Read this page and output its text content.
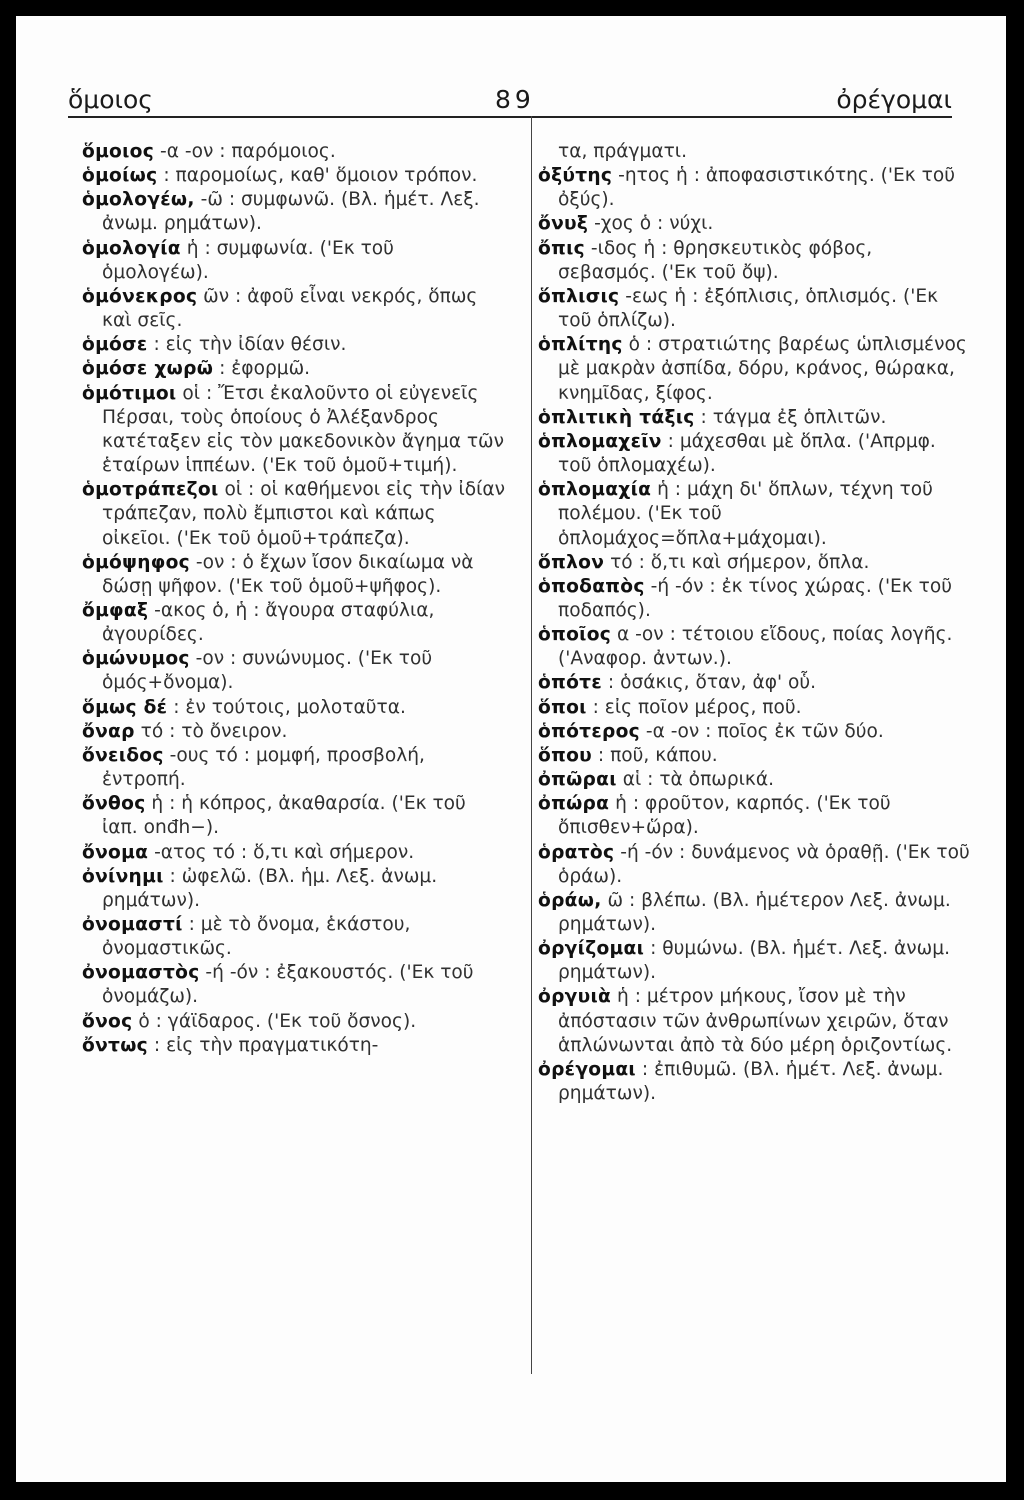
ὅμοιος	89	ὀρέγομαι
ὅμοιος -α -ον : παρόμοιος.
ὁμοίως : παρομοίως, καθ' ὅμοιον τρόπον.
ὁμολογέω, -ῶ : συμφωνῶ. (Βλ. ἡμέτ. Λεξ. ἀνωμ. ρημάτων).
ὁμολογία ἡ : συμφωνία. ('Εκ τοῦ ὁμολογέω).
ὁμόνεκρος ῶν : ἀφοῦ εἶναι νεκρός, ὅπως καὶ σεῖς.
ὁμόσε : εἰς τὴν ἰδίαν θέσιν.
ὁμόσε χωρῶ : ἐφορμῶ.
ὁμότιμοι οἱ : Ἔτσι ἐκαλοῦντο οἱ εὐγενεῖς Πέρσαι, τοὺς ὁποίους ὁ Ἀλέξανδρος κατέταξεν εἰς τὸν μακεδονικὸν ἄγημα τῶν ἑταίρων ἱππέων. ('Εκ τοῦ ὁμοῦ+τιμή).
ὁμοτράπεζοι οἱ : οἱ καθήμενοι εἰς τὴν ἰδίαν τράπεζαν, πολὺ ἔμπιστοι καὶ κάπως οἰκεῖοι. ('Εκ τοῦ ὁμοῦ+τράπεζα).
ὁμόψηφος -ον : ὁ ἔχων ἴσον δικαίωμα νὰ δώσῃ ψῆφον. ('Εκ τοῦ ὁμοῦ+ψῆφος).
ὄμφαξ -ακος ὁ, ἡ : ἄγουρα σταφύλια, ἀγουρίδες.
ὁμώνυμος -ον : συνώνυμος. ('Εκ τοῦ ὁμός+ὄνομα).
ὅμως δέ : ἐν τούτοις, μολοταῦτα.
ὄναρ τό : τὸ ὄνειρον.
ὄνειδος -ους τό : μομφή, προσβολή, ἐντροπή.
ὄνθος ἡ : ἡ κόπρος, ἀκαθαρσία. ('Εκ τοῦ ἰαπ. onđh−).
ὄνομα -ατος τό : ὅ,τι καὶ σήμερον.
ὀνίνημι : ὠφελῶ. (Βλ. ἡμ. Λεξ. ἀνωμ. ρημάτων).
ὀνομαστί : μὲ τὸ ὄνομα, ἑκάστου, ὀνομαστικῶς.
ὀνομαστὸς -ή -όν : ἐξακουστός. ('Εκ τοῦ ὀνομάζω).
ὄνος ὁ : γάϊδαρος. ('Εκ τοῦ ὄσνος).
ὄντως : εἰς τὴν πραγματικότη-
τα, πράγματι.
ὀξύτης -ητος ἡ : ἀποφασιστικότης. ('Εκ τοῦ ὀξύς).
ὄνυξ -χος ὁ : νύχι.
ὄπις -ιδος ἡ : θρησκευτικὸς φόβος, σεβασμός. ('Εκ τοῦ ὄψ).
ὅπλισις -εως ἡ : ἐξόπλισις, ὁπλισμός. ('Εκ τοῦ ὁπλίζω).
ὁπλίτης ὁ : στρατιώτης βαρέως ὡπλισμένος μὲ μακρὰν ἀσπίδα, δόρυ, κράνος, θώρακα, κνημῖδας, ξίφος.
ὁπλιτικὴ τάξις : τάγμα ἐξ ὁπλιτῶν.
ὁπλομαχεῖν : μάχεσθαι μὲ ὅπλα. ('Απρμφ. τοῦ ὁπλομαχέω).
ὁπλομαχία ἡ : μάχη δι' ὅπλων, τέχνη τοῦ πολέμου. ('Εκ τοῦ ὁπλομάχος=ὅπλα+μάχομαι).
ὅπλον τό : ὅ,τι καὶ σήμερον, ὅπλα.
ὁποδαπὸς -ή -όν : ἐκ τίνος χώρας. ('Εκ τοῦ ποδαπός).
ὁποῖος α -ον : τέτοιου εἴδους, ποίας λογῆς. ('Αναφορ. ἀντων.).
ὁπότε : ὁσάκις, ὅταν, ἀφ' οὗ.
ὅποι : εἰς ποῖον μέρος, ποῦ.
ὁπότερος -α -ον : ποῖος ἐκ τῶν δύο.
ὅπου : ποῦ, κάπου.
ὀπῶραι αἱ : τὰ ὀπωρικά.
ὀπώρα ἡ : φροῦτον, καρπός. ('Εκ τοῦ ὄπισθεν+ὥρα).
ὁρατὸς -ή -όν : δυνάμενος νὰ ὁραθῇ. ('Εκ τοῦ ὁράω).
ὁράω, ῶ : βλέπω. (Βλ. ἡμέτερον Λεξ. ἀνωμ. ρημάτων).
ὀργίζομαι : θυμώνω. (Βλ. ἡμέτ. Λεξ. ἀνωμ. ρημάτων).
ὀργυιὰ ἡ : μέτρον μήκους, ἴσον μὲ τὴν ἀπόστασιν τῶν ἀνθρωπίνων χειρῶν, ὅταν ἁπλώνωνται ἀπὸ τὰ δύο μέρη ὁριζοντίως.
ὀρέγομαι : ἐπιθυμῶ. (Βλ. ἡμέτ. Λεξ. ἀνωμ. ρημάτων).
